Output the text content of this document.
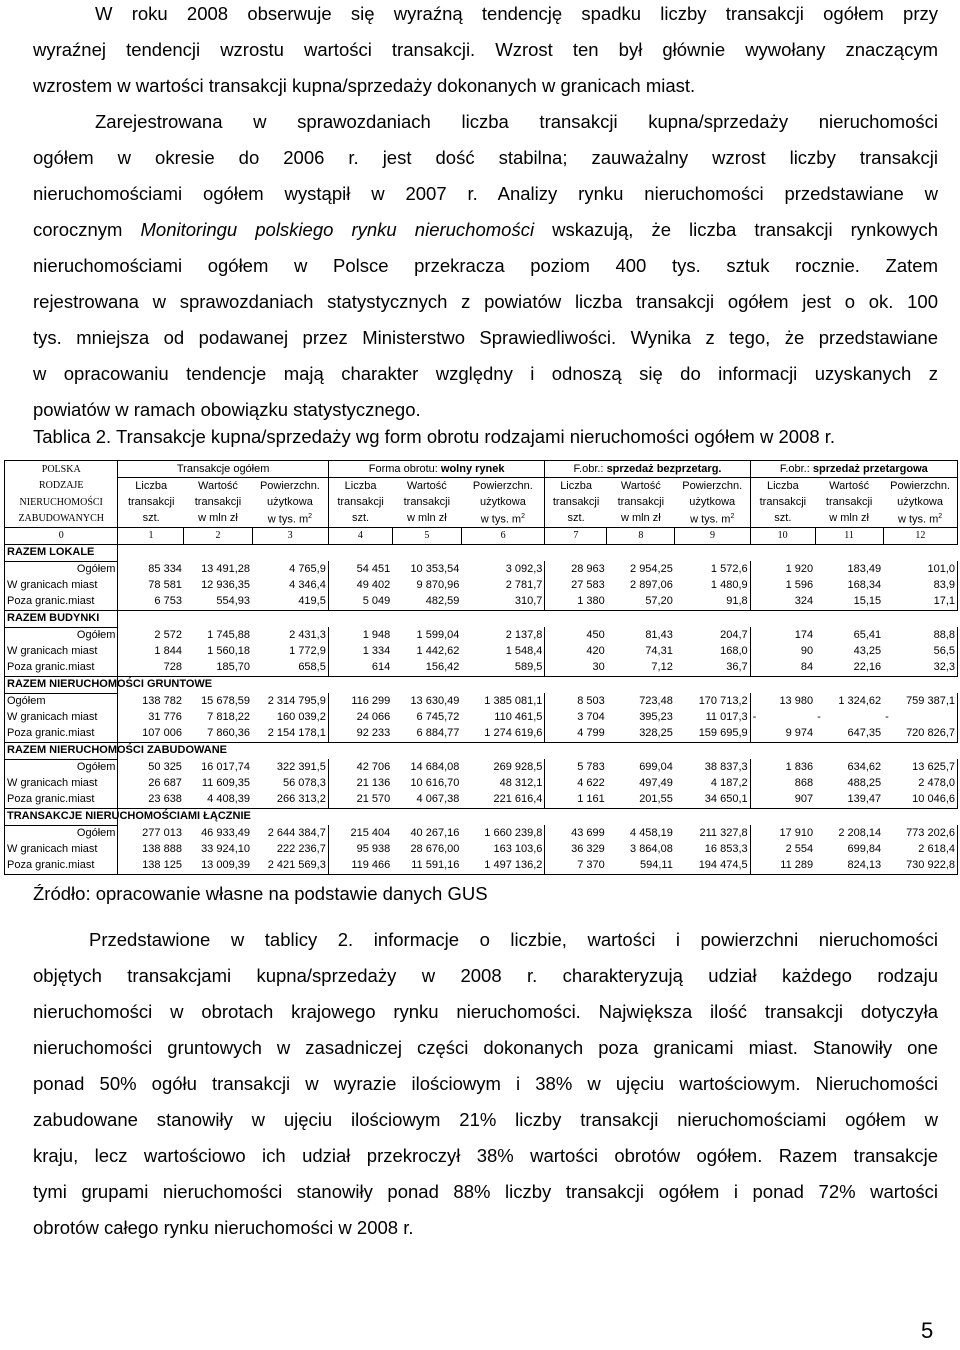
W roku 2008 obserwuje się wyraźną tendencję spadku liczby transakcji ogółem przy
wyraźnej tendencji wzrostu wartości transakcji. Wzrost ten był głównie wywołany znaczącym
wzrostem w wartości transakcji kupna/sprzedaży dokonanych w granicach miast.
Zarejestrowana w sprawozdaniach liczba transakcji kupna/sprzedaży nieruchomości
ogółem w okresie do 2006 r. jest dość stabilna; zauważalny wzrost liczby transakcji
nieruchomościami ogółem wystąpił w 2007 r. Analizy rynku nieruchomości przedstawiane w
corocznym Monitoringu polskiego rynku nieruchomości wskazują, że liczba transakcji rynkowych
nieruchomościami ogółem w Polsce przekracza poziom 400 tys. sztuk rocznie. Zatem
rejestrowana w sprawozdaniach statystycznych z powiatów liczba transakcji ogółem jest o ok. 100
tys. mniejsza od podawanej przez Ministerstwo Sprawiedliwości. Wynika z tego, że przedstawiane
w opracowaniu tendencje mają charakter względny i odnoszą się do informacji uzyskanych z
powiatów w ramach obowiązku statystycznego.
Tablica 2. Transakcje kupna/sprzedaży wg form obrotu rodzajami nieruchomości ogółem w 2008 r.
POLSKA	Transakcje ogółem			Forma obrotu: wolny rynek			F.obr.: sprzedaż bezprzetarg.			F.obr.: sprzedaż przetargowa		
RODZAJE	Liczba	Wartość	Powierzchn.	Liczba	Wartość	Powierzchn.	Liczba	Wartość	Powierzchn.	Liczba	Wartość	Powierzchn.
NIERUCHOMOŚCI	transakcji	transakcji	użytkowa	transakcji	transakcji	użytkowa	transakcji	transakcji	użytkowa	transakcji	transakcji	użytkowa
ZABUDOWANYCH	szt.	w mln zł	w tys. $m^2$	szt.	w mln zł	w tys. $m^2$	szt.	w mln zł	w tys. $m^2$	szt.	w mln zł	w tys. $m^2$
0	1	2	3	4	5	6	7	8	9	10	11	12
RAZEM LOKALE												
Ogółem	85 334	13 491,28	4 765,9	54 451	10 353,54	3 092,3	28 963	2 954,25	1 572,6	1 920	183,49	101,0
W granicach miast	78 581	12 936,35	4 346,4	49 402	9 870,96	2 781,7	27 583	2 897,06	1 480,9	1 596	168,34	83,9
Poza granic.miast	6 753	554,93	419,5	5 049	482,59	310,7	1 380	57,20	91,8	324	15,15	17,1
RAZEM BUDYNKI												
Ogółem	2 572	1 745,88	2 431,3	1 948	1 599,04	2 137,8	450	81,43	204,7	174	65,41	88,8
W granicach miast	1 844	1 560,18	1 772,9	1 334	1 442,62	1 548,4	420	74,31	168,0	90	43,25	56,5
Poza granic.miast	728	185,70	658,5	614	156,42	589,5	30	7,12	36,7	84	22,16	32,3
RAZEM NIERUCHOMOŚCI GRUNTOWE												
Ogółem	138 782	15 678,59	2 314 795,9	116 299	13 630,49	1 385 081,1	8 503	723,48	170 713,2	13 980	1 324,62	759 387,1
W granicach miast	31 776	7 818,22	160 039,2	24 066	6 745,72	110 461,5	3 704	395,23	11 017,3	-	-	-
Poza granic.miast	107 006	7 860,36	2 154 178,1	92 233	6 884,77	1 274 619,6	4 799	328,25	159 695,9	9 974	647,35	720 826,7
RAZEM NIERUCHOMOŚCI ZABUDOWANE												
Ogółem	50 325	16 017,74	322 391,5	42 706	14 684,08	269 928,5	5 783	699,04	38 837,3	1 836	634,62	13 625,7
W granicach miast	26 687	11 609,35	56 078,3	21 136	10 616,70	48 312,1	4 622	497,49	4 187,2	868	488,25	2 478,0
Poza granic.miast	23 638	4 408,39	266 313,2	21 570	4 067,38	221 616,4	1 161	201,55	34 650,1	907	139,47	10 046,6
TRANSAKCJE NIERUCHOMOŚCIAMI ŁĄCZNIE												
Ogółem	277 013	46 933,49	2 644 384,7	215 404	40 267,16	1 660 239,8	43 699	4 458,19	211 327,8	17 910	2 208,14	773 202,6
W granicach miast	138 888	33 924,10	222 236,7	95 938	28 676,00	163 103,6	36 329	3 864,08	16 853,3	2 554	699,84	2 618,4
Poza granic.miast	138 125	13 009,39	2 421 569,3	119 466	11 591,16	1 497 136,2	7 370	594,11	194 474,5	11 289	824,13	730 922,8
Źródło: opracowanie własne na podstawie danych GUS
Przedstawione w tablicy 2. informacje o liczbie, wartości i powierzchni nieruchomości
objętych transakcjami kupna/sprzedaży w 2008 r. charakteryzują udział każdego rodzaju
nieruchomości w obrotach krajowego rynku nieruchomości. Największa ilość transakcji dotyczyła
nieruchomości gruntowych w zasadniczej części dokonanych poza granicami miast. Stanowiły one
ponad 50% ogółu transakcji w wyrazie ilościowym i 38% w ujęciu wartościowym. Nieruchomości
zabudowane stanowiły w ujęciu ilościowym 21% liczby transakcji nieruchomościami ogółem w
kraju, lecz wartościowo ich udział przekroczył 38% wartości obrotów ogółem. Razem transakcje
tymi grupami nieruchomości stanowiły ponad 88% liczby transakcji ogółem i ponad 72% wartości
obrotów całego rynku nieruchomości w 2008 r.
5
